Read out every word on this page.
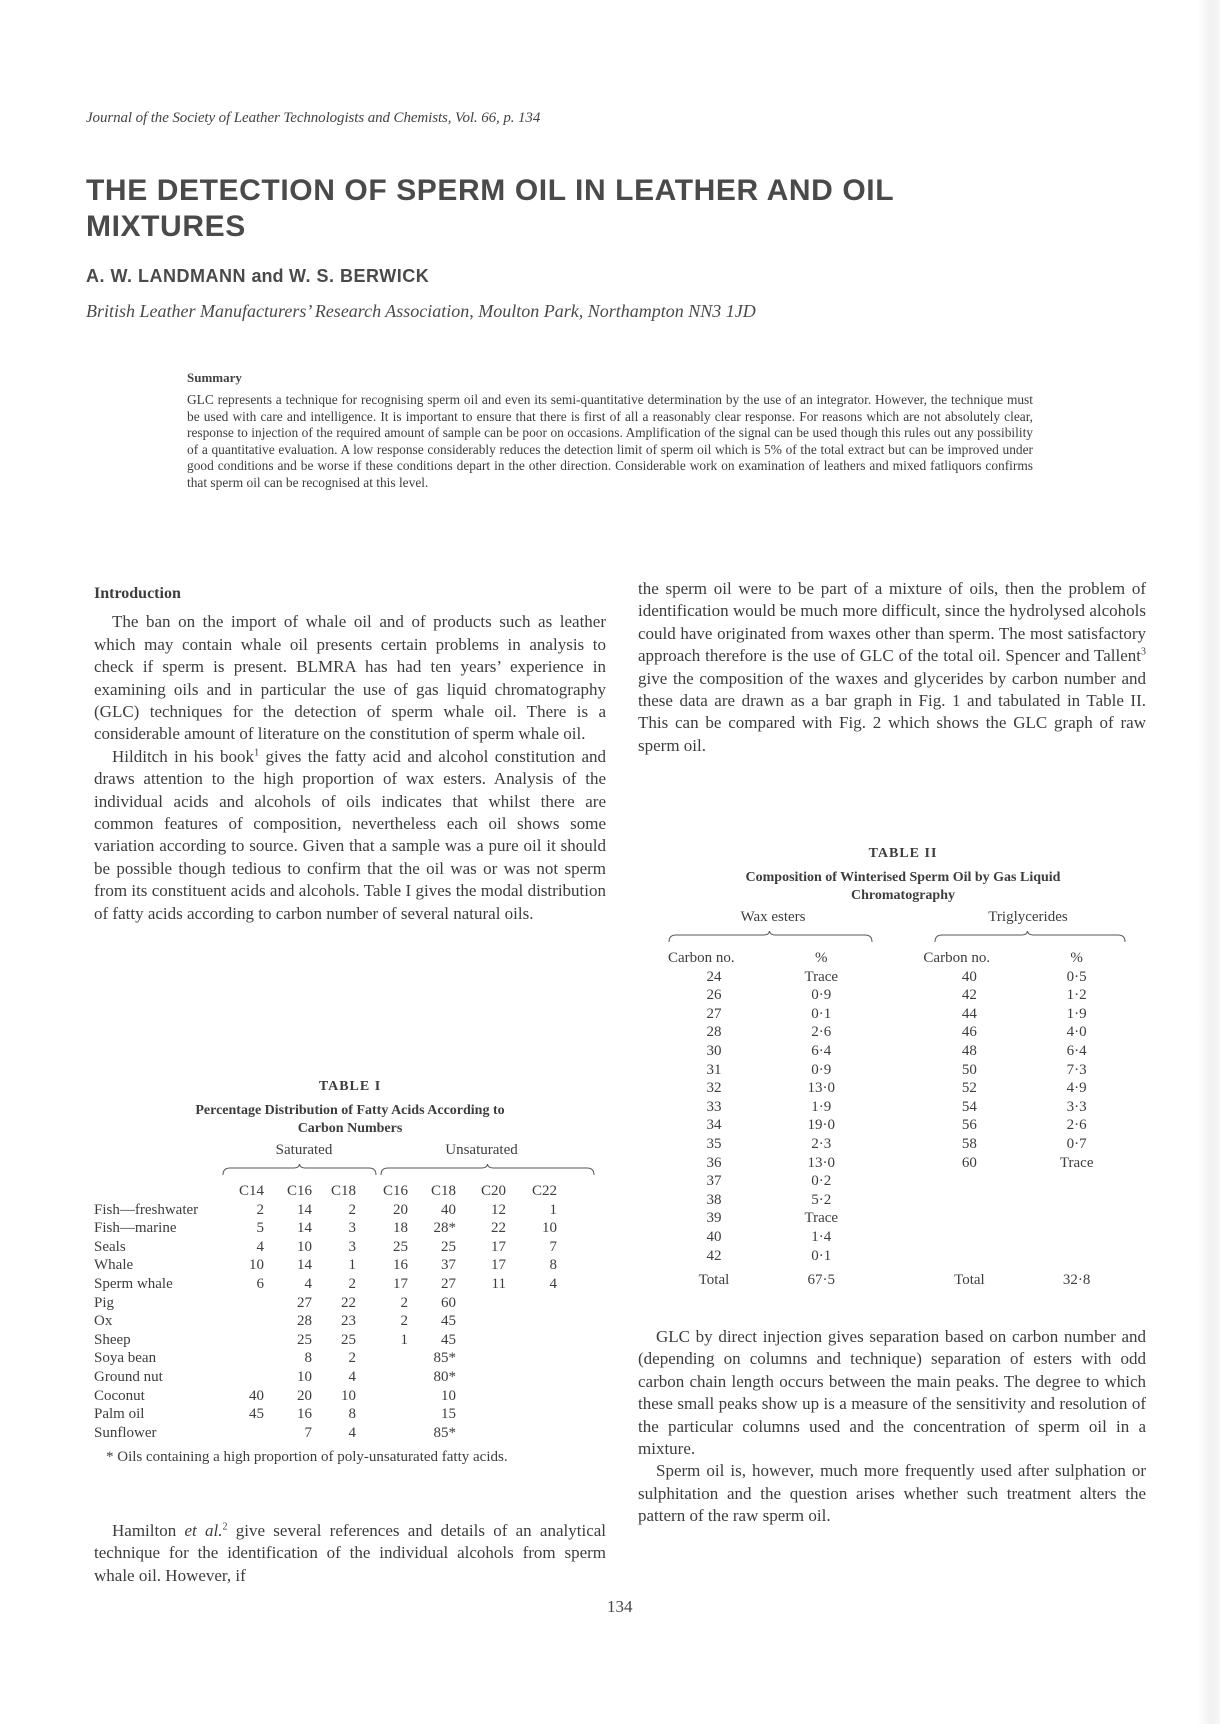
Journal of the Society of Leather Technologists and Chemists, Vol. 66, p. 134
THE DETECTION OF SPERM OIL IN LEATHER AND OIL MIXTURES
A. W. LANDMANN and W. S. BERWICK
British Leather Manufacturers’ Research Association, Moulton Park, Northampton NN3 1JD
Summary

GLC represents a technique for recognising sperm oil and even its semi-quantitative determination by the use of an integrator. However, the technique must be used with care and intelligence. It is important to ensure that there is first of all a reasonably clear response. For reasons which are not absolutely clear, response to injection of the required amount of sample can be poor on occasions. Amplification of the signal can be used though this rules out any possibility of a quantitative evaluation. A low response considerably reduces the detection limit of sperm oil which is 5% of the total extract but can be improved under good conditions and be worse if these conditions depart in the other direction. Considerable work on examination of leathers and mixed fatliquors confirms that sperm oil can be recognised at this level.

Introduction

The ban on the import of whale oil and of products such as leather which may contain whale oil presents certain problems in analysis to check if sperm is present. BLMRA has had ten years’ experience in examining oils and in particular the use of gas liquid chromatography (GLC) techniques for the detection of sperm whale oil. There is a considerable amount of literature on the constitution of sperm whale oil.

Hilditch in his book$^1$ gives the fatty acid and alcohol constitution and draws attention to the high proportion of wax esters. Analysis of the individual acids and alcohols of oils indicates that whilst there are common features of composition, nevertheless each oil shows some variation according to source. Given that a sample was a pure oil it should be possible though tedious to confirm that the oil was or was not sperm from its constituent acids and alcohols. Table I gives the modal distribution of fatty acids according to carbon number of several natural oils.

TABLE I
Percentage Distribution of Fatty Acids According to
Carbon Numbers
Saturated	Unsaturated
	C14	C16	C18	C16	C18	C20	C22
Fish—freshwater	2	14	2	20	40	12	1
Fish—marine	5	14	3	18	28*	22	10
Seals	4	10	3	25	25	17	7
Whale	10	14	1	16	37	17	8
Sperm whale	6	4	2	17	27	11	4
Pig		27	22	2	60		
Ox		28	23	2	45		
Sheep		25	25	1	45		
Soya bean		8	2		85*		
Ground nut		10	4		80*		
Coconut	40	20	10		10		
Palm oil	45	16	8		15		
Sunflower		7	4		85*		
* Oils containing a high proportion of poly-unsaturated fatty acids.

Hamilton et al.$^2$ give several references and details of an analytical technique for the identification of the individual alcohols from sperm whale oil. However, if

the sperm oil were to be part of a mixture of oils, then the problem of identification would be much more difficult, since the hydrolysed alcohols could have originated from waxes other than sperm. The most satisfactory approach therefore is the use of GLC of the total oil. Spencer and Tallent$^3$ give the composition of the waxes and glycerides by carbon number and these data are drawn as a bar graph in Fig. 1 and tabulated in Table II. This can be compared with Fig. 2 which shows the GLC graph of raw sperm oil.

TABLE II
Composition of Winterised Sperm Oil by Gas Liquid
Chromatography
Wax esters	Triglycerides
Carbon no.	%		Carbon no.	%
24	Trace		40	0·5
26	0·9		42	1·2
27	0·1		44	1·9
28	2·6		46	4·0
30	6·4		48	6·4
31	0·9		50	7·3
32	13·0		52	4·9
33	1·9		54	3·3
34	19·0		56	2·6
35	2·3		58	0·7
36	13·0		60	Trace
37	0·2			
38	5·2			
39	Trace			
40	1·4			
42	0·1			
Total	67·5		Total	32·8

GLC by direct injection gives separation based on carbon number and (depending on columns and technique) separation of esters with odd carbon chain length occurs between the main peaks. The degree to which these small peaks show up is a measure of the sensitivity and resolution of the particular columns used and the concentration of sperm oil in a mixture.

Sperm oil is, however, much more frequently used after sulphation or sulphitation and the question arises whether such treatment alters the pattern of the raw sperm oil.

134
